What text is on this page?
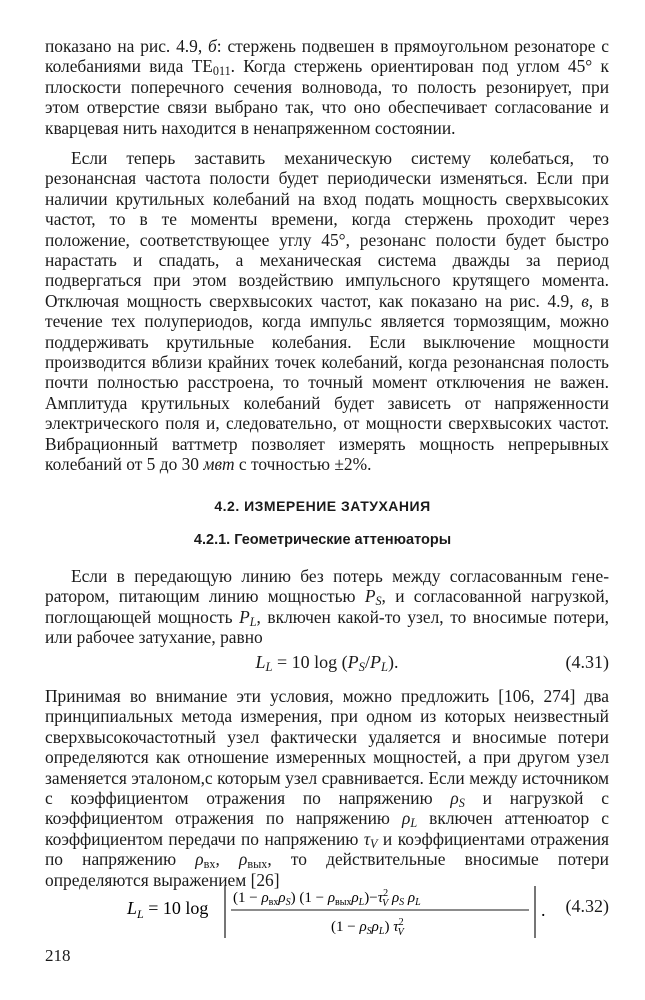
показано на рис. 4.9, б: стержень подвешен в прямоугольном резонаторе с колебаниями вида $TE_{011}$. Когда стержень ориентирован под углом 45° к плоскости поперечного сечения волновода, то полость резонирует, при этом отверстие связи выбрано так, что оно обеспечивает согласование и кварцевая нить находится в ненапряженном состоянии.

Если теперь заставить механическую систему колебаться, то резонансная частота полости будет периодически изменяться. Если при наличии крутильных колебаний на вход подать мощность сверхвысоких частот, то в те моменты времени, когда стержень проходит через положение, соответствующее углу 45°, резонанс полости будет быстро нарастать и спадать, а механическая система дважды за период подвергаться при этом воздействию импульсного крутящего момента. Отключая мощность сверхвысоких частот, как показано на рис. 4.9, в, в течение тех полупериодов, когда импульс является тормозящим, можно поддерживать крутильные колебания. Если выключение мощности производится вблизи крайних точек колебаний, когда резонансная полость почти полностью расстроена, то точный момент отключения не важен. Амплитуда крутильных колебаний будет зависеть от напряженности электрического поля и, следовательно, от мощности сверхвысоких частот. Вибрационный ваттметр позволяет измерять мощность непрерывных колебаний от 5 до 30 мвт с точностью ±2%.

4.2. ИЗМЕРЕНИЕ ЗАТУХАНИЯ
4.2.1. Геометрические аттенюаторы

Если в передающую линию без потерь между согласованным генератором, питающим линию мощностью $P_S$, и согласованной нагрузкой, поглощающей мощность $P_L$, включен какой-то узел, то вносимые потери, или рабочее затухание, равно

$L_L = 10$ $\log (P_S/P_L)$.	(4.31)

Принимая во внимание эти условия, можно предложить [106, 274] два принципиальных метода измерения, при одном из которых неизвестный сверхвысокочастотный узел фактически удаляется и вносимые потери определяются как отношение измеренных мощностей, а при другом узел заменяется эталоном,с которым узел сравнивается. Если между источником с коэффициентом отражения по напряжению $\rho_S$ и нагрузкой с коэффициентом отражения по напряжению $\rho_L$ включен аттенюатор с коэффициентом передачи по напряжению $\tau_V$ и коэффициентами отражения по напряжению $\rho_{вх}$, $\rho_{вых}$, то действительные вносимые потери определяются выражением [26]

$L_L = 10$ $\log (1 - \rho_{вх}\rho_S)$ $(1 - \rho_{вых}\rho_L)-\tau^2$ V $\rho_S$ $\rho_L$
$(1 - \rho_S\rho_L)$ $\tau^2$ V
. (4.32)
218
